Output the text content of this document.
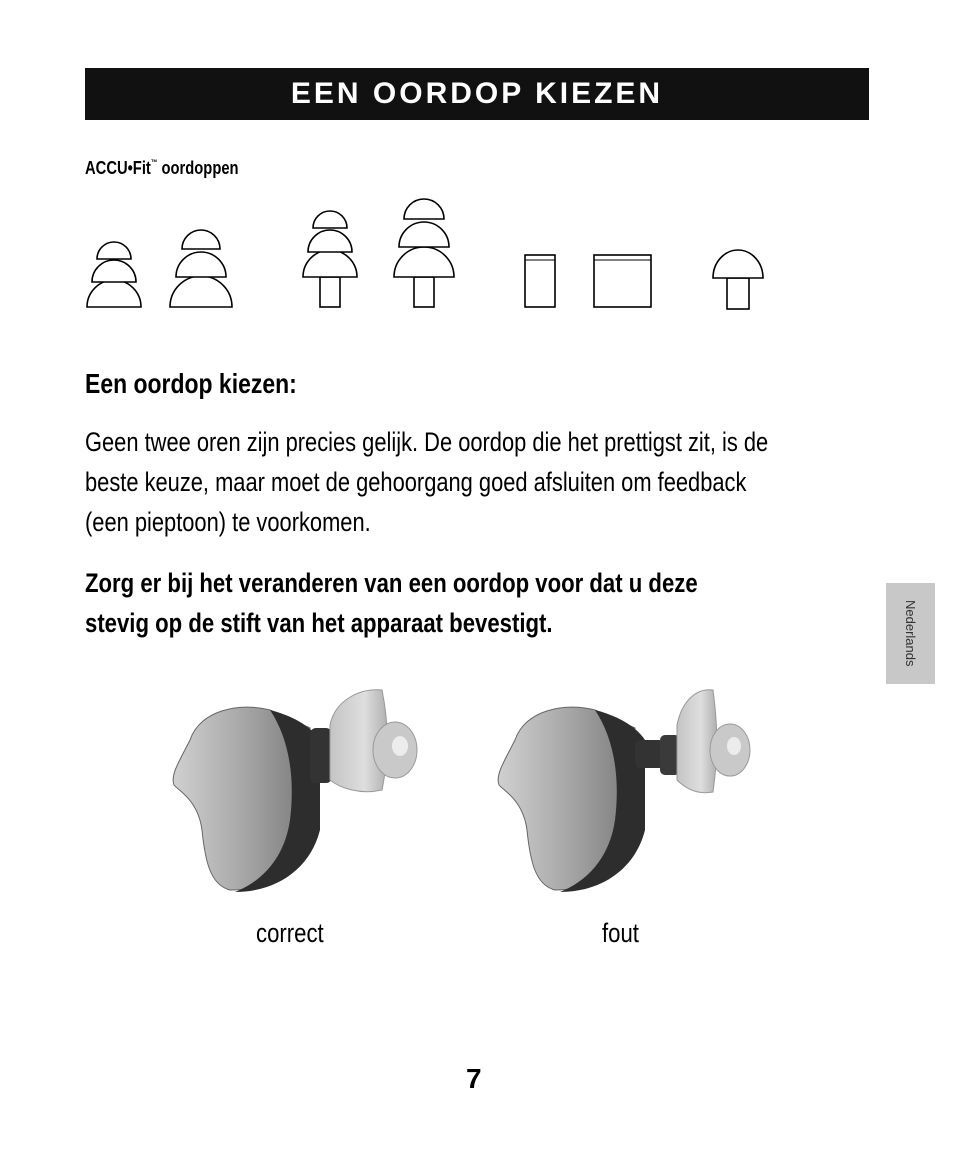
EEN OORDOP KIEZEN
ACCU•Fit™ oordoppen
Een oordop kiezen:
Geen twee oren zijn precies gelijk. De oordop die het prettigst zit, is de
beste keuze, maar moet de gehoorgang goed afsluiten om feedback
(een pieptoon) te voorkomen.
Zorg er bij het veranderen van een oordop voor dat u deze
stevig op de stift van het apparaat bevestigt.	Nederlands
correct	fout
7
